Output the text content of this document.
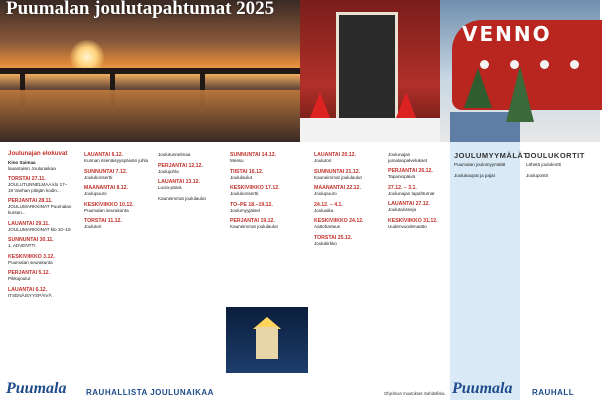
VENNO
Puumalan joulutapahtumat 2025
Joulunajan elokuvat
Kino Saimaa
lauantaisin Joulunaikaa
TORSTAI 27.11.
JOULUTUNNELMAA klo 17–19 Vanhan pitäjän kodin...
PERJANTAI 28.11.
JOULUMARKKINAT Puumalan kuntan...
LAUANTAI 29.11.
JOULUMARKKINAT klo 10–16
SUNNUNTAI 30.11.
1. ADVENTTI
KESKIVIIKKO 3.12.
Puumalan seurakunta
PERJANTAI 5.12.
Pikkujoulut
LAUANTAI 6.12.
ITSENÄISYYSPÄIVÄ
LAUANTAI 6.12.
Kunnan itsenäisyyspäivän juhla
SUNNUNTAI 7.12.
Joulukonsertti
MAANANTAI 8.12.
Joulupuuro
KESKIVIIKKO 10.12.
Puumalan seurakunta
TORSTAI 11.12.
Joulutori
Joulutunnelmaa
PERJANTAI 12.12.
Joulujuhla
LAUANTAI 13.12.
Lucia-päivä
Kauneimmat joululaulut
SUNNUNTAI 14.12.
Messu
TIISTAI 16.12.
Joululaulut
KESKIVIIKKO 17.12.
Joulukonsertti
TO–PE 18.–19.12.
Joulumyyjäiset
PERJANTAI 19.12.
Kauneimmat joululaulut
LAUANTAI 20.12.
Joulutori
SUNNUNTAI 21.12.
Kauneimmat joululaulut
MAANANTAI 22.12.
Joulupuuro
24.12. – 4.1.
Jouluaika
KESKIVIIKKO 24.12.
Aattohartaus
TORSTAI 25.12.
Joulukirkko
Joulunajan jumalanpalvelukset
PERJANTAI 26.12.
Tapaninpäivä
27.12. – 3.1.
Joulunajan tapahtumat
LAUANTAI 27.12.
Joulutansseja
KESKIVIIKKO 31.12.
Uudenvuodenaatto
JOULUMYYMÄLÄT
Puumalan joulumyymälät
Joulukaupat ja pajat
JOULUKORTIT
Lähetä joulukortti
Joulupostit
Puumala RAUHALLISTA JOULUNAIKAA	Ohjelman muutokset mahdollisia. Puumala RAUHALL
